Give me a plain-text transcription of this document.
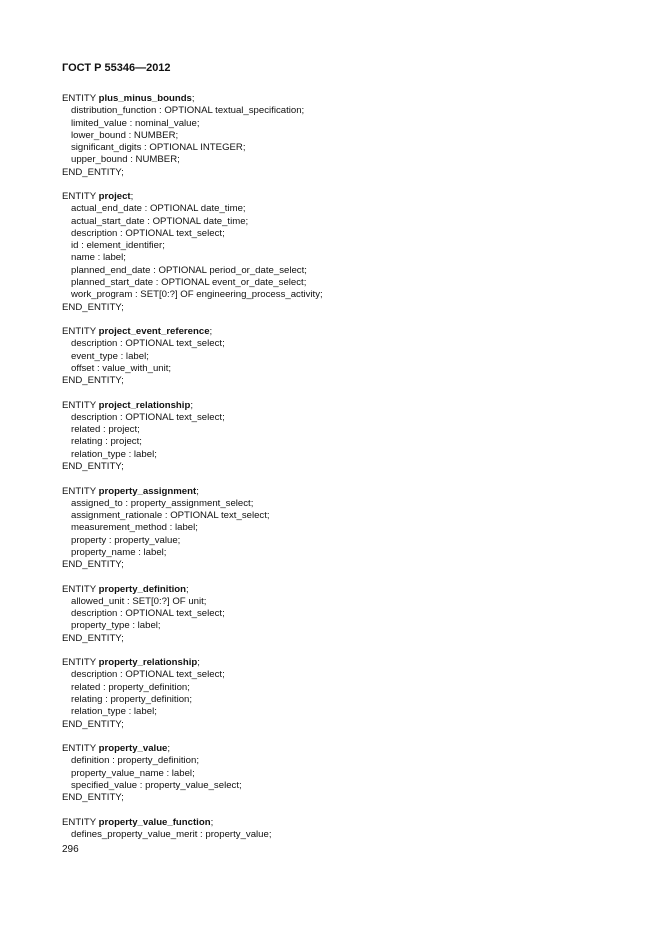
ГОСТ Р 55346—2012
ENTITY plus_minus_bounds;
distribution_function : OPTIONAL textual_specification;
limited_value : nominal_value;
lower_bound : NUMBER;
significant_digits : OPTIONAL INTEGER;
upper_bound : NUMBER;
END_ENTITY;
ENTITY project;
actual_end_date : OPTIONAL date_time;
actual_start_date : OPTIONAL date_time;
description : OPTIONAL text_select;
id : element_identifier;
name : label;
planned_end_date : OPTIONAL period_or_date_select;
planned_start_date : OPTIONAL event_or_date_select;
work_program : SET[0:?] OF engineering_process_activity;
END_ENTITY;
ENTITY project_event_reference;
description : OPTIONAL text_select;
event_type : label;
offset : value_with_unit;
END_ENTITY;
ENTITY project_relationship;
description : OPTIONAL text_select;
related : project;
relating : project;
relation_type : label;
END_ENTITY;
ENTITY property_assignment;
assigned_to : property_assignment_select;
assignment_rationale : OPTIONAL text_select;
measurement_method : label;
property : property_value;
property_name : label;
END_ENTITY;
ENTITY property_definition;
allowed_unit : SET[0:?] OF unit;
description : OPTIONAL text_select;
property_type : label;
END_ENTITY;
ENTITY property_relationship;
description : OPTIONAL text_select;
related : property_definition;
relating : property_definition;
relation_type : label;
END_ENTITY;
ENTITY property_value;
definition : property_definition;
property_value_name : label;
specified_value : property_value_select;
END_ENTITY;
ENTITY property_value_function;
defines_property_value_merit : property_value;
296
